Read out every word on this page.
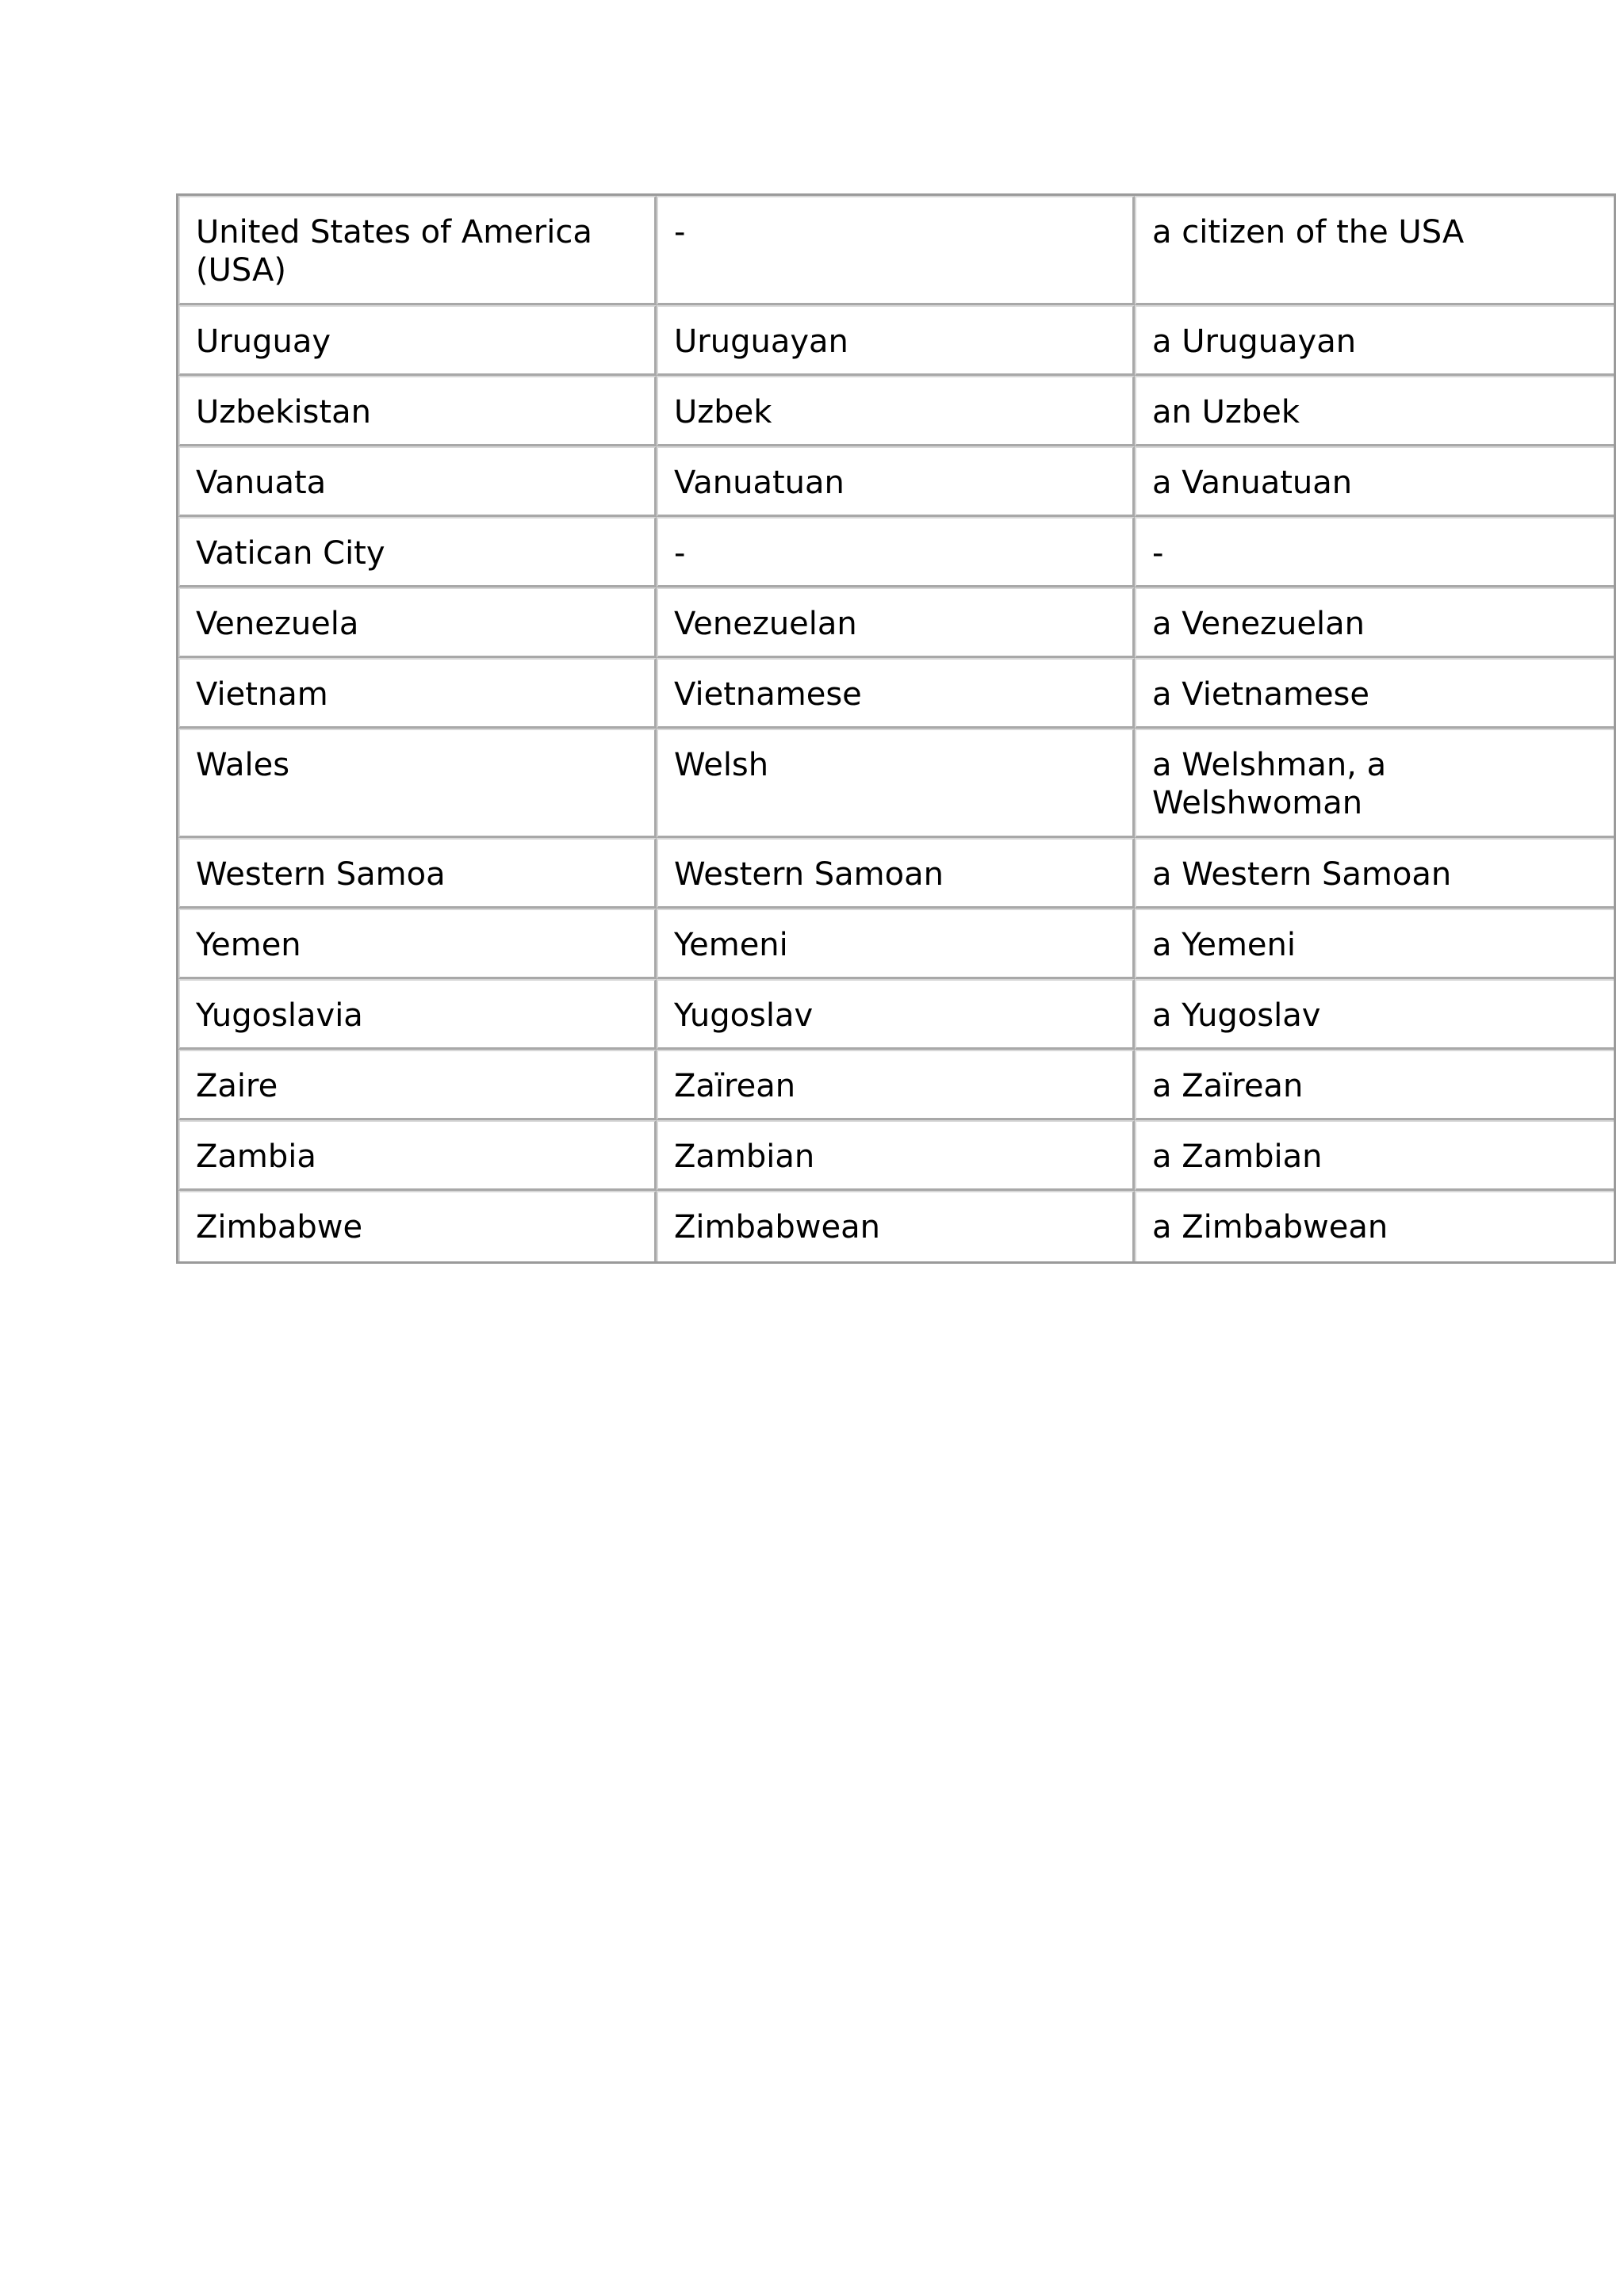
United States of America (USA)	-	a citizen of the USA
Uruguay	Uruguayan	a Uruguayan
Uzbekistan	Uzbek	an Uzbek
Vanuata	Vanuatuan	a Vanuatuan
Vatican City	-	-
Venezuela	Venezuelan	a Venezuelan
Vietnam	Vietnamese	a Vietnamese
Wales	Welsh	a Welshman, a Welshwoman
Western Samoa	Western Samoan	a Western Samoan
Yemen	Yemeni	a Yemeni
Yugoslavia	Yugoslav	a Yugoslav
Zaire	Zaïrean	a Zaïrean
Zambia	Zambian	a Zambian
Zimbabwe	Zimbabwean	a Zimbabwean
